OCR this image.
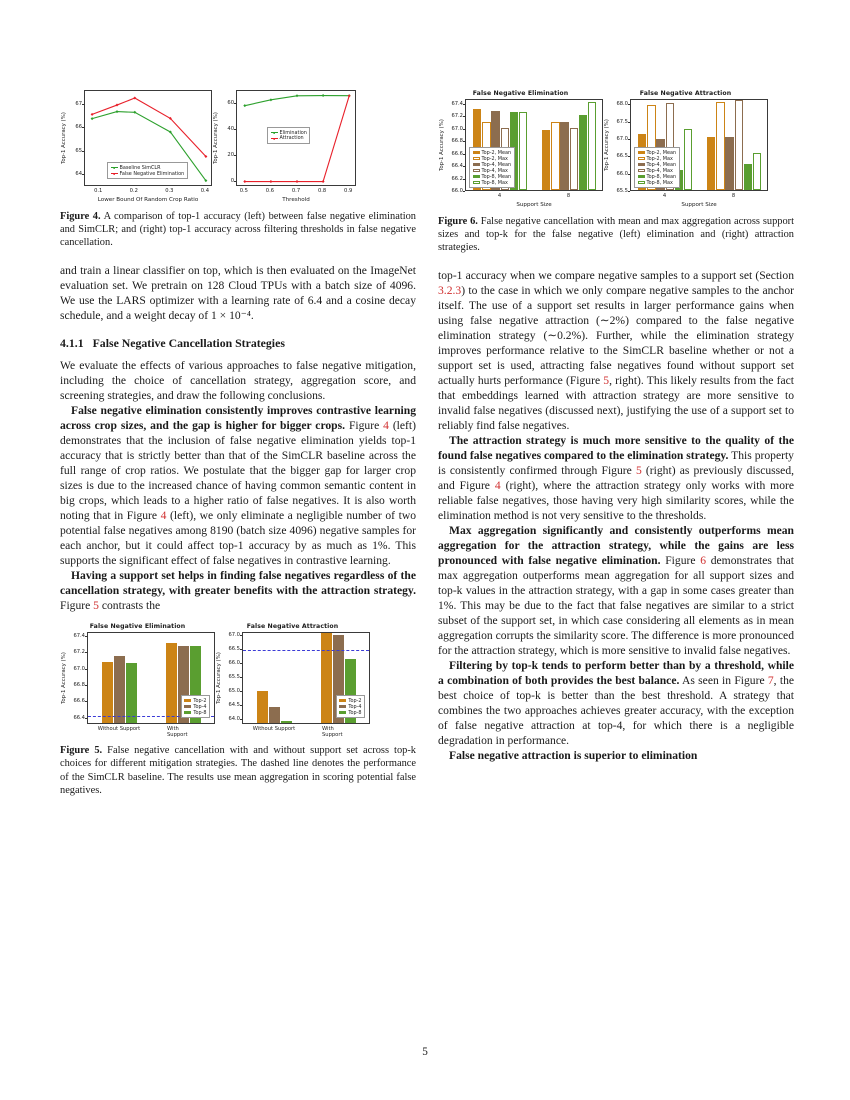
Top-1 Accuracy (%)
64
65
66
67
Baseline SimCLR
False Negative Elimination
0.1	0.2	0.3	0.4
Lower Bound Of Random Crop Ratio
Top-1 Accuracy (%)
0
20
40
60
Elimination
Attraction
0.5	0.6	0.7	0.8	0.9
Threshold

Figure 4. A comparison of top-1 accuracy (left) between false negative elimination and SimCLR; and (right) top-1 accuracy across filtering thresholds in false negative cancellation.

and train a linear classifier on top, which is then evaluated on the ImageNet evaluation set. We pretrain on 128 Cloud TPUs with a batch size of 4096. We use the LARS optimizer with a learning rate of 6.4 and a cosine decay schedule, and a weight decay of 1 × 10⁻⁴.

4.1.1 False Negative Cancellation Strategies

We evaluate the effects of various approaches to false negative mitigation, including the choice of cancellation strategy, aggregation score, and screening strategies, and draw the following conclusions.

False negative elimination consistently improves contrastive learning across crop sizes, and the gap is higher for bigger crops. Figure 4 (left) demonstrates that the inclusion of false negative elimination yields top-1 accuracy that is strictly better than that of the SimCLR baseline across the full range of crop ratios. We postulate that the bigger gap for larger crop sizes is due to the increased chance of having common semantic content in big crops, which leads to a higher ratio of false negatives. It is also worth noting that in Figure 4 (left), we only eliminate a negligible number of two potential false negatives among 8190 (batch size 4096) negative samples for each anchor, but it could affect top-1 accuracy by as much as 1%. This supports the significant effect of false negatives in contrastive learning.

Having a support set helps in finding false negatives regardless of the cancellation strategy, with greater benefits with the attraction strategy. Figure 5 contrasts the

False Negative Elimination
Top-1 Accuracy (%)
66.4
66.6
66.8
67.0
67.2
67.4
Top-2
Top-4
Top-8
Without Support	With Support
False Negative Attraction
Top-1 Accuracy (%)
64.0
64.5
65.0
65.5
66.0
66.5
67.0
Top-2
Top-4
Top-8
Without Support	With Support

Figure 5. False negative cancellation with and without support set across top-k choices for different mitigation strategies. The dashed line denotes the performance of the SimCLR baseline. The results use mean aggregation in scoring potential false negatives.

False Negative Elimination
Top-1 Accuracy (%)
66.0
66.2
66.4
66.6
66.8
67.0
67.2
67.4
Top-2, Mean
Top-2, Max
Top-4, Mean
Top-4, Max
Top-8, Mean
Top-8, Max
4	8
Support Size
False Negative Attraction
Top-1 Accuracy (%)
65.5
66.0
66.5
67.0
67.5
68.0
Top-2, Mean
Top-2, Max
Top-4, Mean
Top-4, Max
Top-8, Mean
Top-8, Max
4	8
Support Size

Figure 6. False negative cancellation with mean and max aggregation across support sizes and top-k for the false negative (left) elimination and (right) attraction strategies.

top-1 accuracy when we compare negative samples to a support set (Section 3.2.3) to the case in which we only compare negative samples to the anchor itself. The use of a support set results in larger performance gains when using false negative attraction (∼2%) compared to the false negative elimination strategy (∼0.2%). Further, while the elimination strategy improves performance relative to the SimCLR baseline whether or not a support set is used, attracting false negatives found without support set actually hurts performance (Figure 5, right). This likely results from the fact that embeddings learned with attraction strategy are more sensitive to invalid false negatives (discussed next), justifying the use of a support set to reliably find false negatives.

The attraction strategy is much more sensitive to the quality of the found false negatives compared to the elimination strategy. This property is consistently confirmed through Figure 5 (right) as previously discussed, and Figure 4 (right), where the attraction strategy only works with more reliable false negatives, those having very high similarity scores, while the elimination method is not very sensitive to the thresholds.

Max aggregation significantly and consistently outperforms mean aggregation for the attraction strategy, while the gains are less pronounced with false negative elimination. Figure 6 demonstrates that max aggregation outperforms mean aggregation for all support sizes and top-k values in the attraction strategy, with a gap in some cases greater than 1%. This may be due to the fact that false negatives are similar to a strict subset of the support set, in which case considering all elements as in mean aggregation corrupts the similarity score. The difference is more pronounced for the attraction strategy, which is more sensitive to invalid false negatives.

Filtering by top-k tends to perform better than by a threshold, while a combination of both provides the best balance. As seen in Figure 7, the best choice of top-k is better than the best threshold. A strategy that combines the two approaches achieves greater accuracy, with the exception of false negative attraction at top-4, for which there is a negligible degradation in performance.

False negative attraction is superior to elimination

5
